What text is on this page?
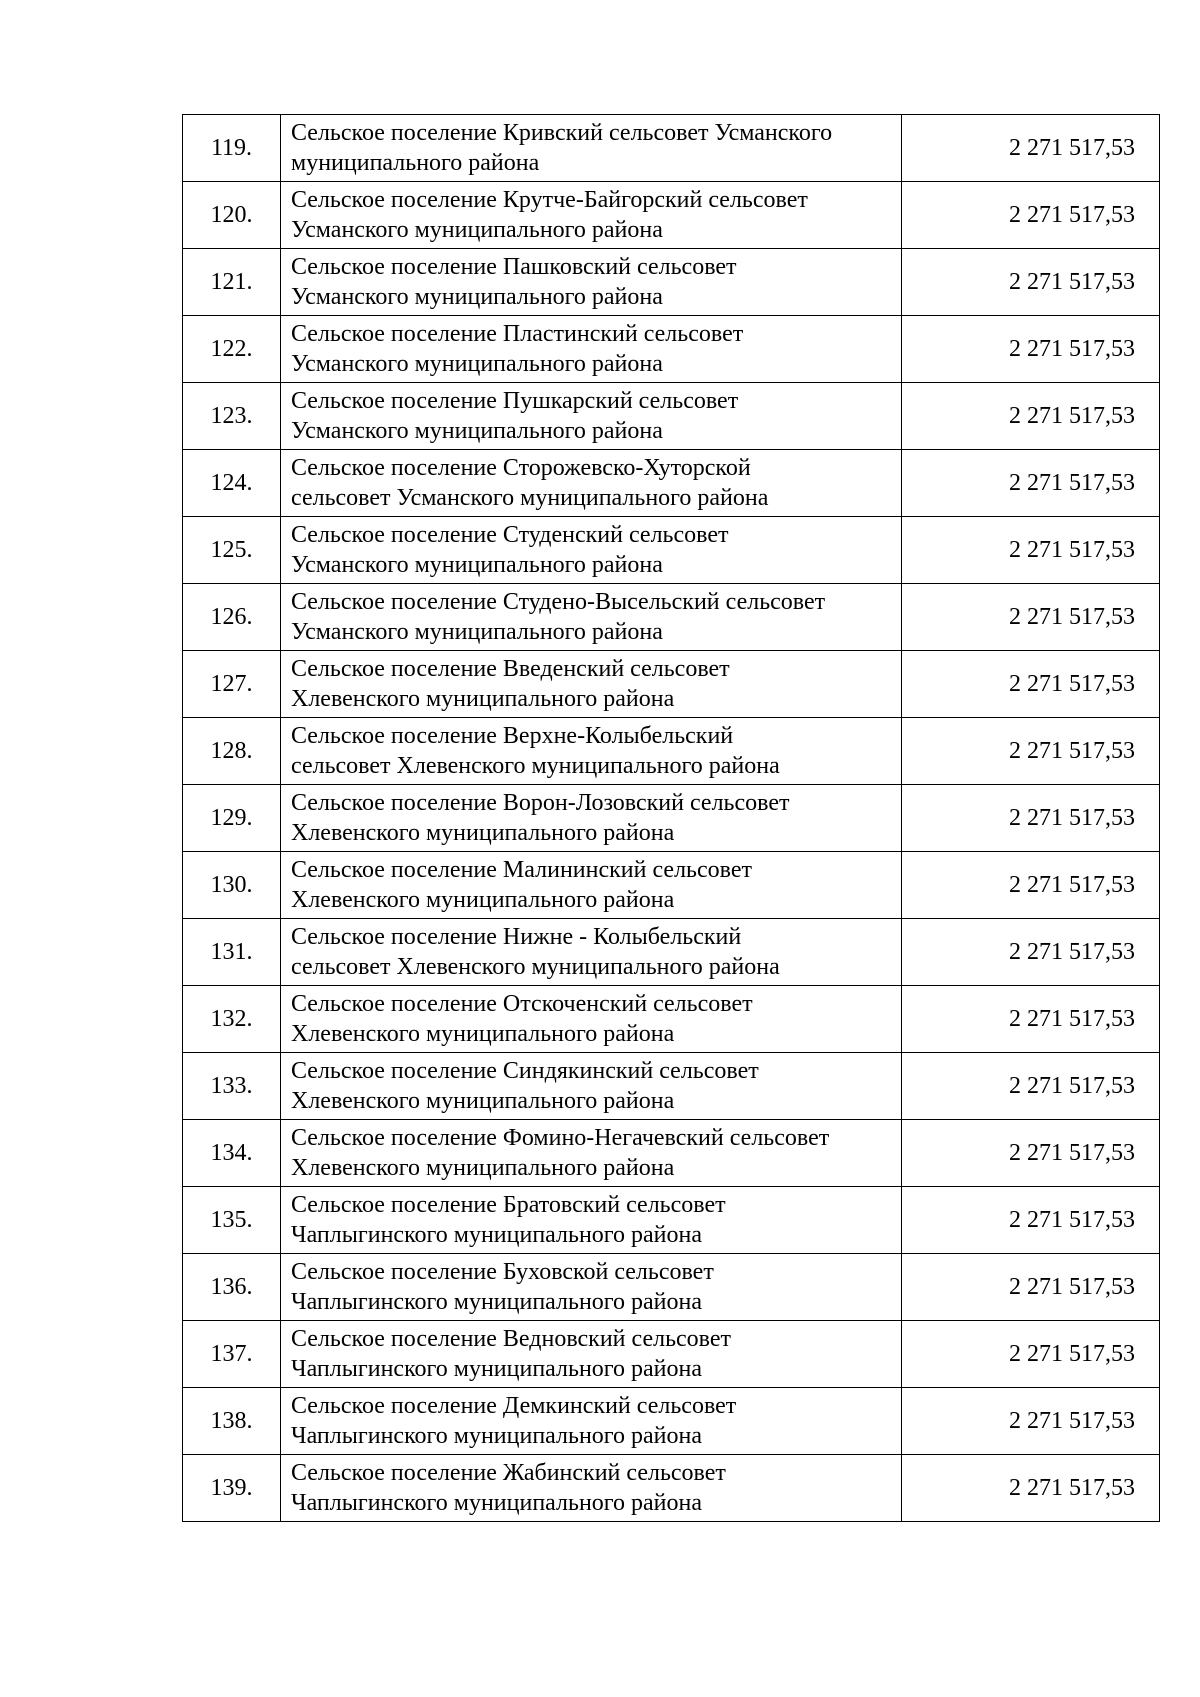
119.	Сельское поселение Кривский сельсовет Усманского
муниципального района	2 271 517,53
120.	Сельское поселение Крутче-Байгорский сельсовет
Усманского муниципального района	2 271 517,53
121.	Сельское поселение Пашковский сельсовет
Усманского муниципального района	2 271 517,53
122.	Сельское поселение Пластинский сельсовет
Усманского муниципального района	2 271 517,53
123.	Сельское поселение Пушкарский сельсовет
Усманского муниципального района	2 271 517,53
124.	Сельское поселение Сторожевско-Хуторской
сельсовет Усманского муниципального района	2 271 517,53
125.	Сельское поселение Студенский сельсовет
Усманского муниципального района	2 271 517,53
126.	Сельское поселение Студено-Высельский сельсовет
Усманского муниципального района	2 271 517,53
127.	Сельское поселение Введенский сельсовет
Хлевенского муниципального района	2 271 517,53
128.	Сельское поселение Верхне-Колыбельский
сельсовет Хлевенского муниципального района	2 271 517,53
129.	Сельское поселение Ворон-Лозовский сельсовет
Хлевенского муниципального района	2 271 517,53
130.	Сельское поселение Малининский сельсовет
Хлевенского муниципального района	2 271 517,53
131.	Сельское поселение Нижне - Колыбельский
сельсовет Хлевенского муниципального района	2 271 517,53
132.	Сельское поселение Отскоченский сельсовет
Хлевенского муниципального района	2 271 517,53
133.	Сельское поселение Синдякинский сельсовет
Хлевенского муниципального района	2 271 517,53
134.	Сельское поселение Фомино-Негачевский сельсовет
Хлевенского муниципального района	2 271 517,53
135.	Сельское поселение Братовский сельсовет
Чаплыгинского муниципального района	2 271 517,53
136.	Сельское поселение Буховской сельсовет
Чаплыгинского муниципального района	2 271 517,53
137.	Сельское поселение Ведновский сельсовет
Чаплыгинского муниципального района	2 271 517,53
138.	Сельское поселение Демкинский сельсовет
Чаплыгинского муниципального района	2 271 517,53
139.	Сельское поселение Жабинский сельсовет
Чаплыгинского муниципального района	2 271 517,53
